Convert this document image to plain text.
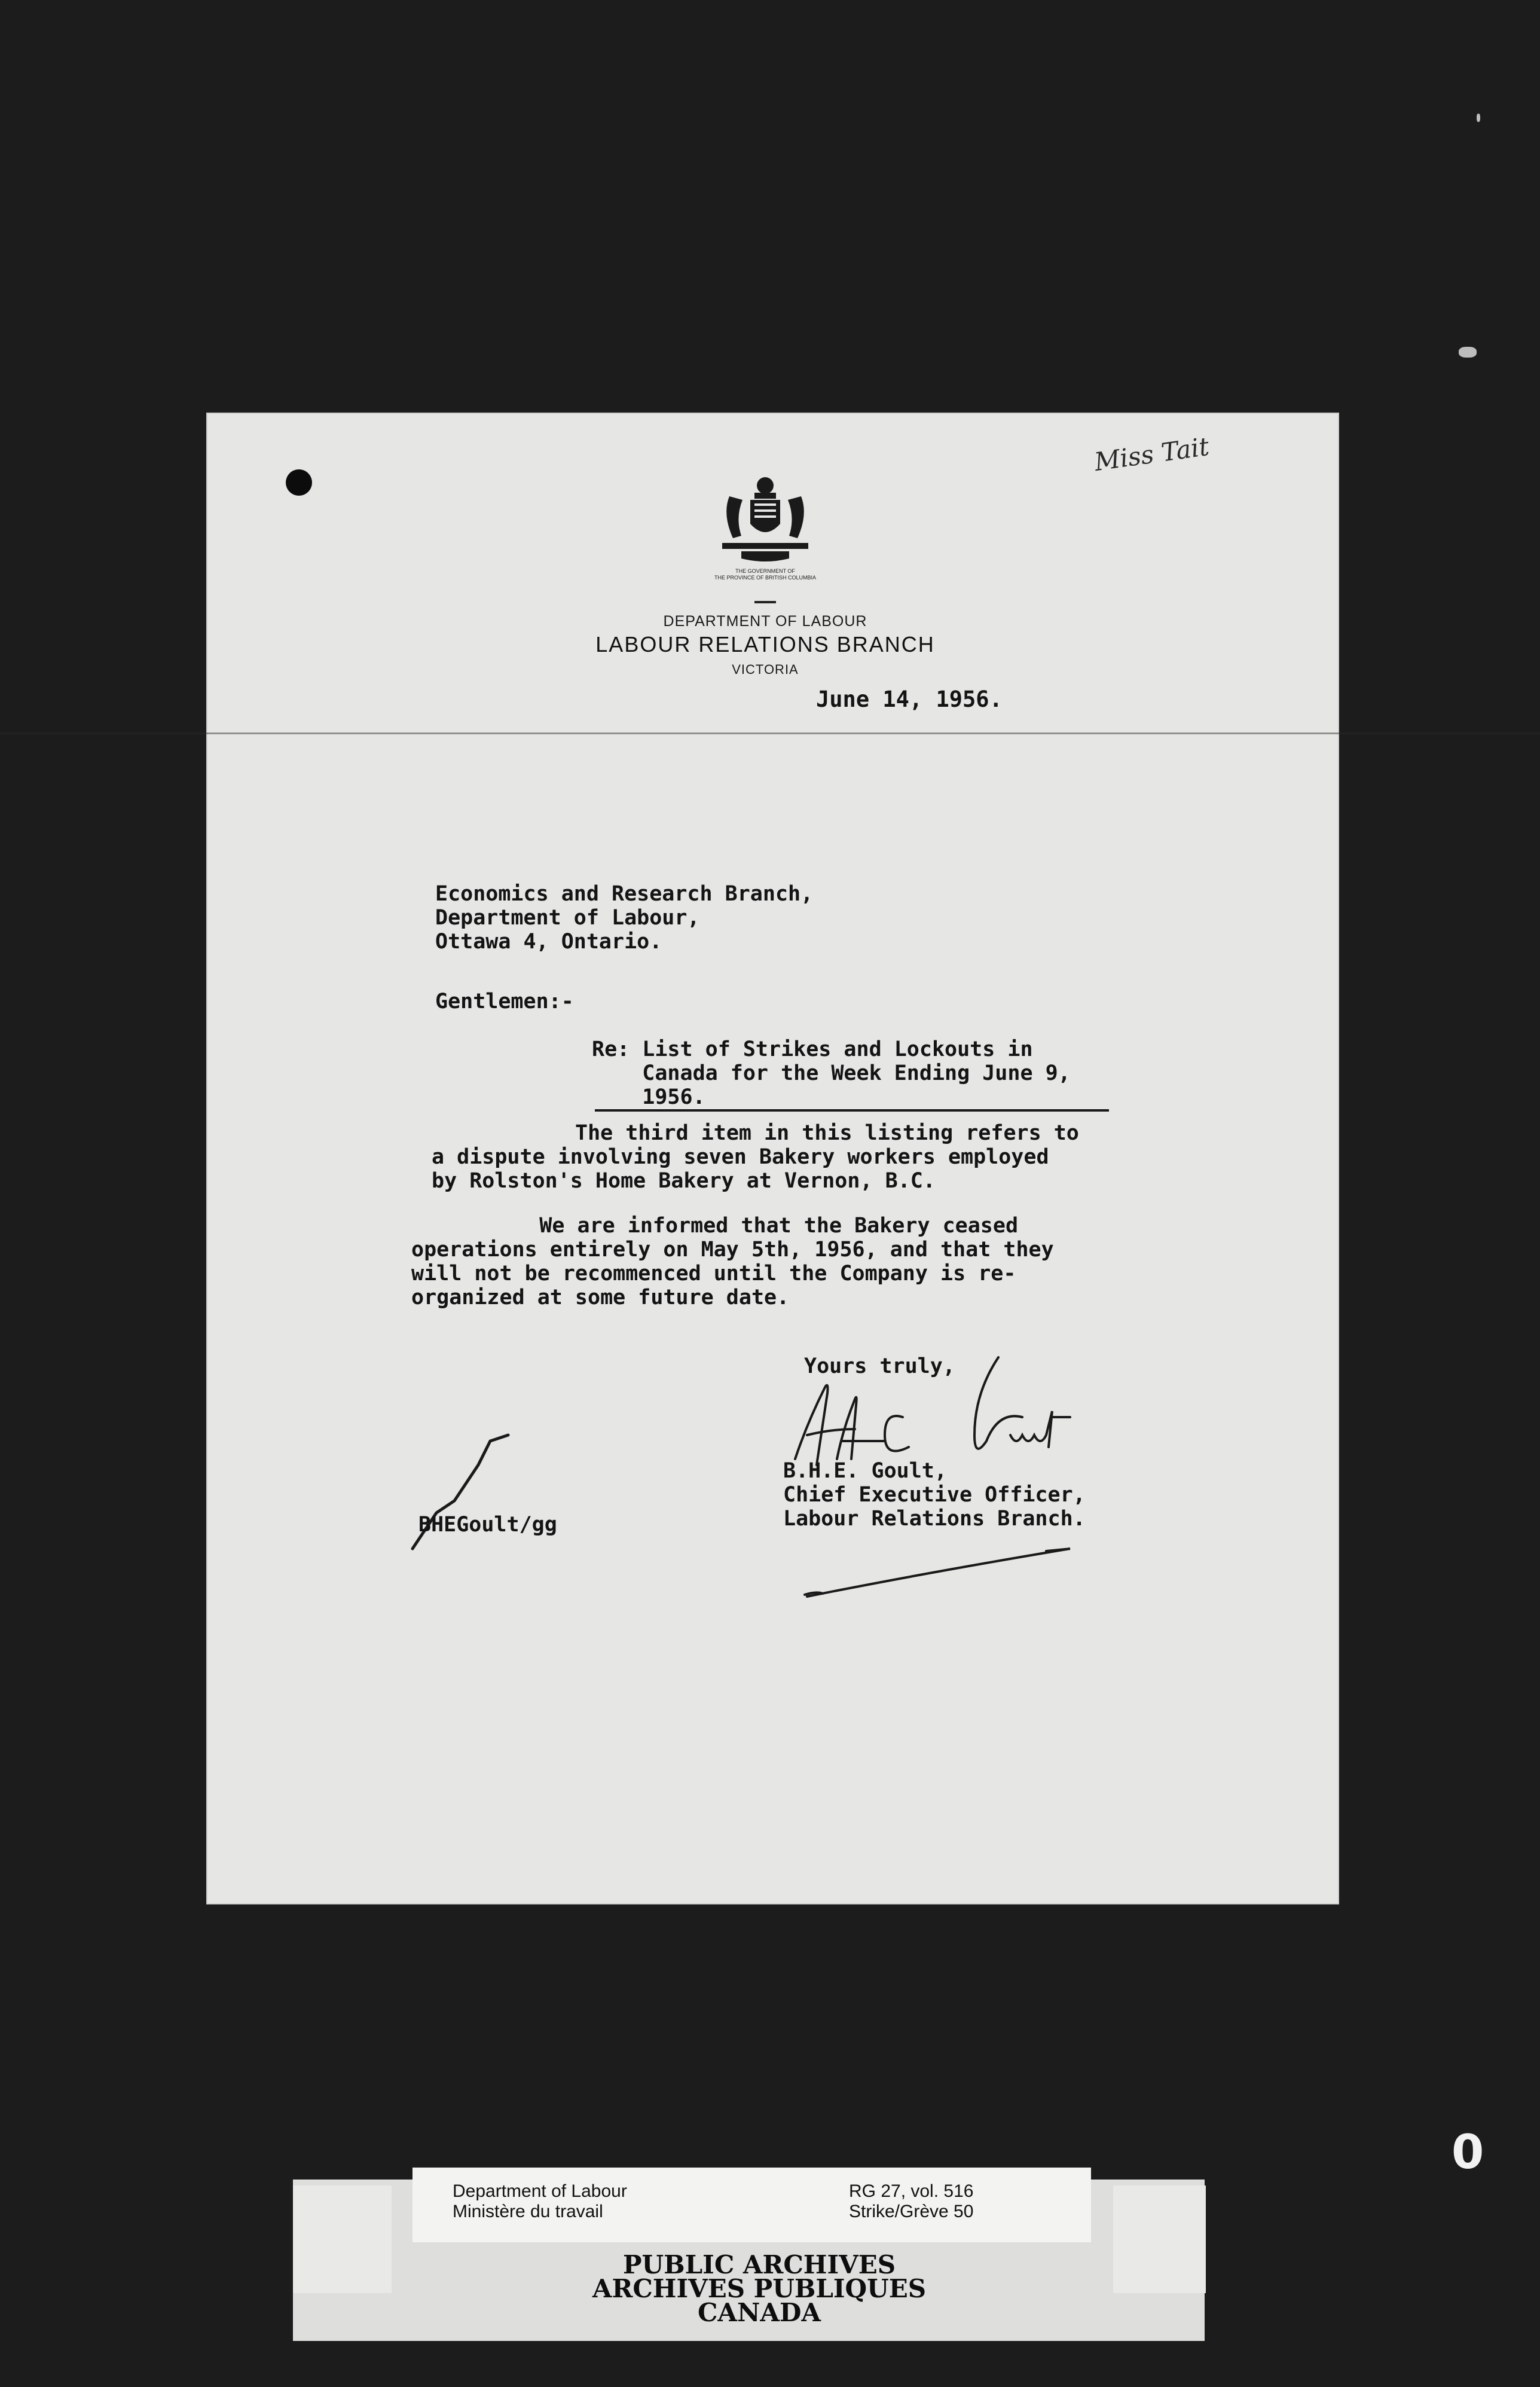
Miss Tait
THE GOVERNMENT OF
THE PROVINCE OF BRITISH COLUMBIA
DEPARTMENT OF LABOUR
LABOUR RELATIONS BRANCH
VICTORIA
June 14, 1956.
Economics and Research Branch,
Department of Labour,
Ottawa 4, Ontario.
Gentlemen:-
Re: List of Strikes and Lockouts in
Canada for the Week Ending June 9,
1956.
The third item in this listing refers to
a dispute involving seven Bakery workers employed
by Rolston's Home Bakery at Vernon, B.C.
We are informed that the Bakery ceased
operations entirely on May 5th, 1956, and that they
will not be recommenced until the Company is re-
organized at some future date.
Yours truly,
B.H.E. Goult,
Chief Executive Officer,
Labour Relations Branch.
BHEGoult/gg
Department of Labour
Ministère du travail
RG 27, vol. 516
Strike/Grève 50
PUBLIC ARCHIVES
ARCHIVES PUBLIQUES
CANADA
0
